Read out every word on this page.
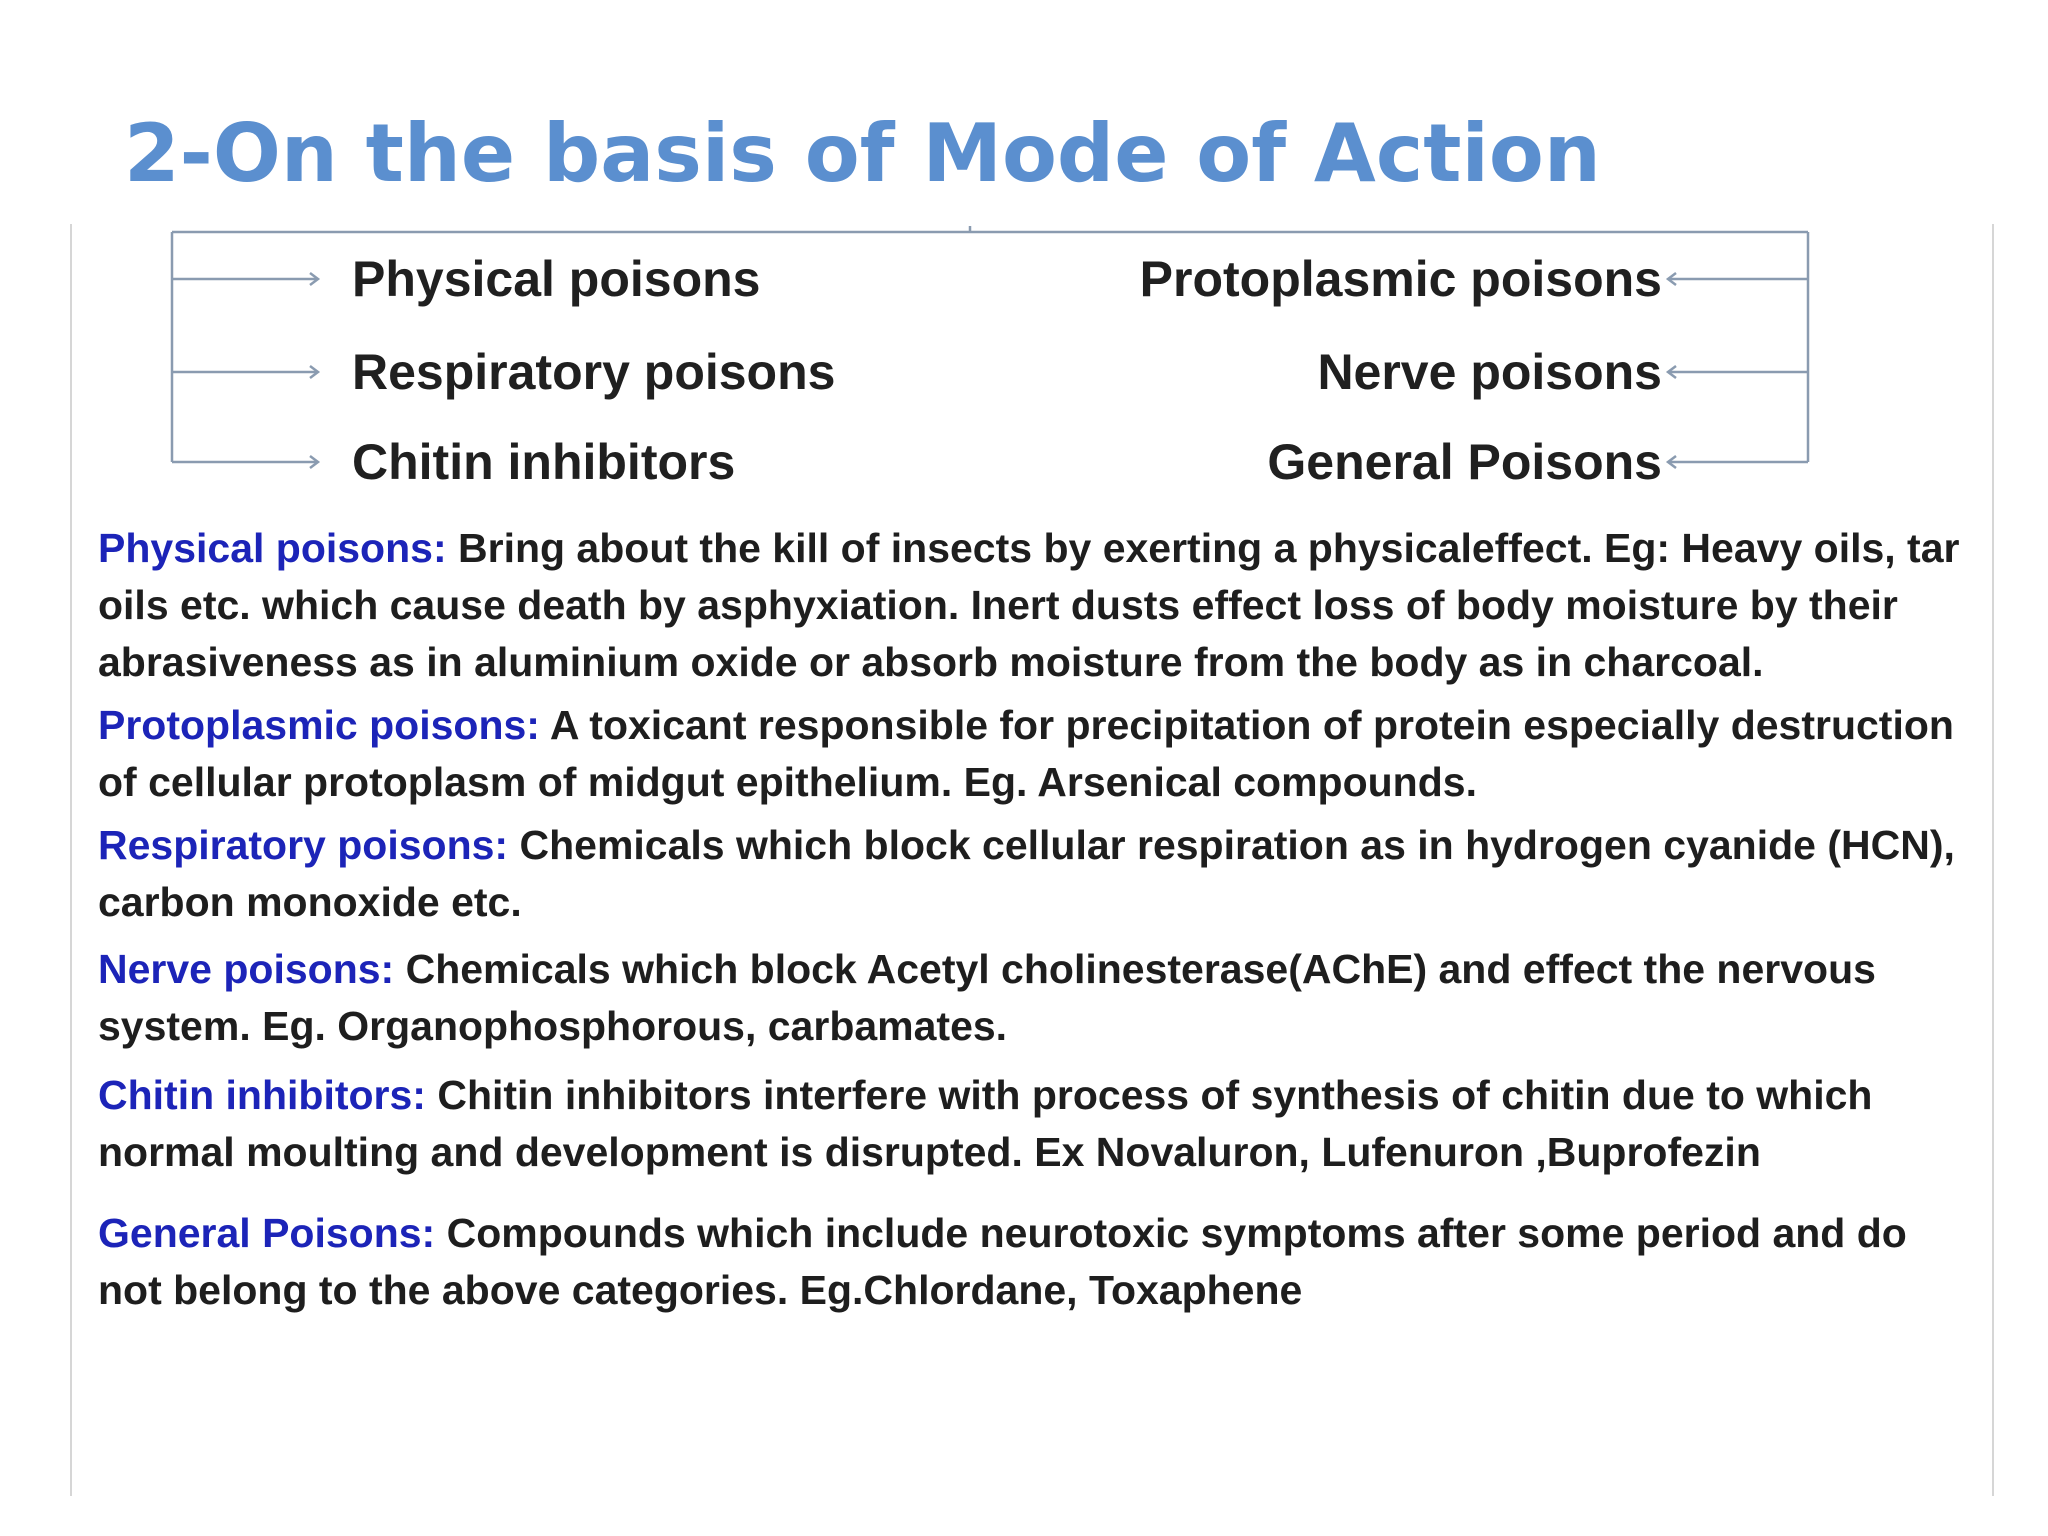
2-On the basis of Mode of Action
Physical poisons
Respiratory poisons
Chitin inhibitors
Protoplasmic poisons
Nerve poisons
General Poisons
Physical poisons: Bring about the kill of insects by exerting a physicaleffect. Eg: Heavy oils, tar oils etc. which cause death by asphyxiation. Inert dusts effect loss of body moisture by their abrasiveness as in aluminium oxide or absorb moisture from the body as in charcoal.
Protoplasmic poisons: A toxicant responsible for precipitation of protein especially destruction of cellular protoplasm of midgut epithelium. Eg. Arsenical compounds.
Respiratory poisons: Chemicals which block cellular respiration as in hydrogen cyanide (HCN), carbon monoxide etc.
Nerve poisons: Chemicals which block Acetyl cholinesterase(AChE) and effect the nervous system. Eg. Organophosphorous, carbamates.
Chitin inhibitors: Chitin inhibitors interfere with process of synthesis of chitin due to which normal moulting and development is disrupted. Ex Novaluron, Lufenuron ,Buprofezin
General Poisons: Compounds which include neurotoxic symptoms after some period and do not belong to the above categories. Eg.Chlordane, Toxaphene
